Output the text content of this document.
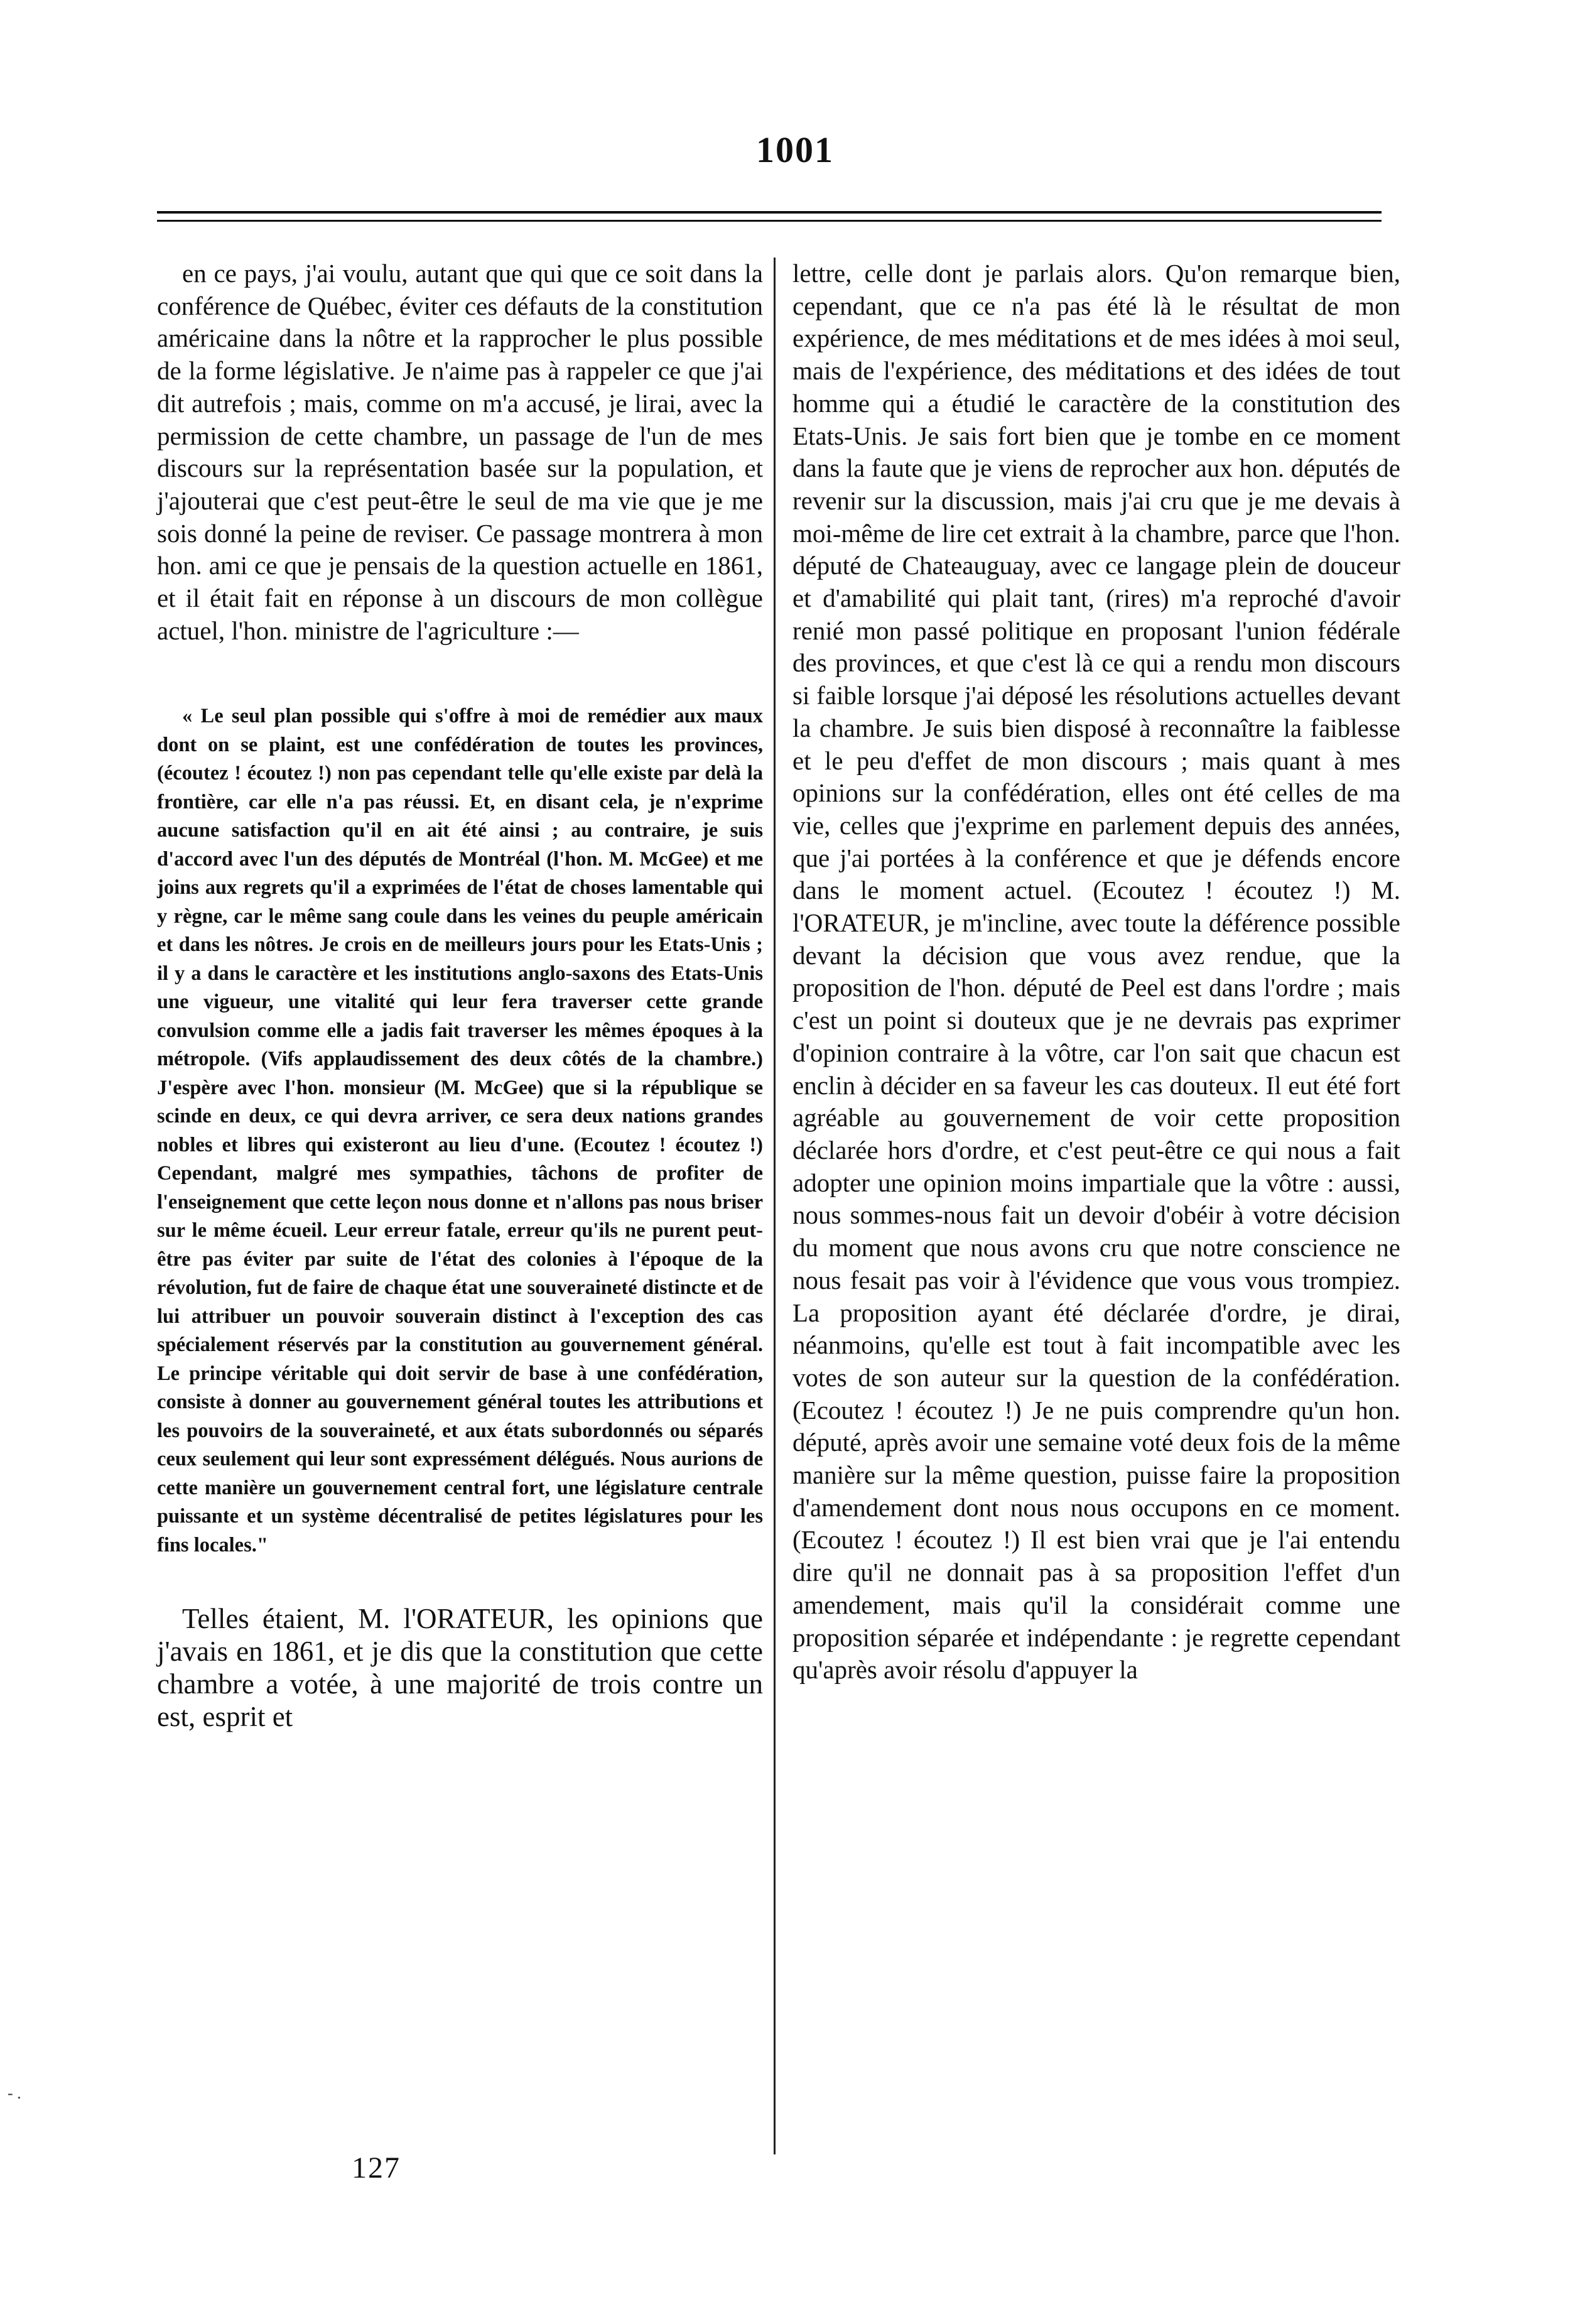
1001

en ce pays, j'ai voulu, autant que qui que ce soit dans la conférence de Québec, éviter ces défauts de la constitution américaine dans la nôtre et la rapprocher le plus possible de la forme législative. Je n'aime pas à rappeler ce que j'ai dit autrefois ; mais, comme on m'a accusé, je lirai, avec la permission de cette chambre, un passage de l'un de mes discours sur la représentation basée sur la population, et j'ajouterai que c'est peut-être le seul de ma vie que je me sois donné la peine de reviser. Ce passage montrera à mon hon. ami ce que je pensais de la question actuelle en 1861, et il était fait en réponse à un discours de mon collègue actuel, l'hon. ministre de l'agriculture :—

« Le seul plan possible qui s'offre à moi de remédier aux maux dont on se plaint, est une confédération de toutes les provinces, (écoutez ! écoutez !) non pas cependant telle qu'elle existe par delà la frontière, car elle n'a pas réussi. Et, en disant cela, je n'exprime aucune satisfaction qu'il en ait été ainsi ; au contraire, je suis d'accord avec l'un des députés de Montréal (l'hon. M. McGee) et me joins aux regrets qu'il a exprimées de l'état de choses lamentable qui y règne, car le même sang coule dans les veines du peuple américain et dans les nôtres. Je crois en de meilleurs jours pour les Etats-Unis ; il y a dans le caractère et les institutions anglo-saxons des Etats-Unis une vigueur, une vitalité qui leur fera traverser cette grande convulsion comme elle a jadis fait traverser les mêmes époques à la métropole. (Vifs applaudissement des deux côtés de la chambre.) J'espère avec l'hon. monsieur (M. McGee) que si la république se scinde en deux, ce qui devra arriver, ce sera deux nations grandes nobles et libres qui existeront au lieu d'une. (Ecoutez ! écoutez !) Cependant, malgré mes sympathies, tâchons de profiter de l'enseignement que cette leçon nous donne et n'allons pas nous briser sur le même écueil. Leur erreur fatale, erreur qu'ils ne purent peut-être pas éviter par suite de l'état des colonies à l'époque de la révolution, fut de faire de chaque état une souveraineté distincte et de lui attribuer un pouvoir souverain distinct à l'exception des cas spécialement réservés par la constitution au gouvernement général. Le principe véritable qui doit servir de base à une confédération, consiste à donner au gouvernement général toutes les attributions et les pouvoirs de la souveraineté, et aux états subordonnés ou séparés ceux seulement qui leur sont expressément délégués. Nous aurions de cette manière un gouvernement central fort, une législature centrale puissante et un système décentralisé de petites législatures pour les fins locales."

Telles étaient, M. l'ORATEUR, les opinions que j'avais en 1861, et je dis que la constitution que cette chambre a votée, à une majorité de trois contre un est, esprit et

lettre, celle dont je parlais alors. Qu'on remarque bien, cependant, que ce n'a pas été là le résultat de mon expérience, de mes méditations et de mes idées à moi seul, mais de l'expérience, des méditations et des idées de tout homme qui a étudié le caractère de la constitution des Etats-Unis. Je sais fort bien que je tombe en ce moment dans la faute que je viens de reprocher aux hon. députés de revenir sur la discussion, mais j'ai cru que je me devais à moi-même de lire cet extrait à la chambre, parce que l'hon. député de Chateauguay, avec ce langage plein de douceur et d'amabilité qui plait tant, (rires) m'a reproché d'avoir renié mon passé politique en proposant l'union fédérale des provinces, et que c'est là ce qui a rendu mon discours si faible lorsque j'ai déposé les résolutions actuelles devant la chambre. Je suis bien disposé à reconnaître la faiblesse et le peu d'effet de mon discours ; mais quant à mes opinions sur la confédération, elles ont été celles de ma vie, celles que j'exprime en parlement depuis des années, que j'ai portées à la conférence et que je défends encore dans le moment actuel. (Ecoutez ! écoutez !) M. l'ORATEUR, je m'incline, avec toute la déférence possible devant la décision que vous avez rendue, que la proposition de l'hon. député de Peel est dans l'ordre ; mais c'est un point si douteux que je ne devrais pas exprimer d'opinion contraire à la vôtre, car l'on sait que chacun est enclin à décider en sa faveur les cas douteux. Il eut été fort agréable au gouvernement de voir cette proposition déclarée hors d'ordre, et c'est peut-être ce qui nous a fait adopter une opinion moins impartiale que la vôtre : aussi, nous sommes-nous fait un devoir d'obéir à votre décision du moment que nous avons cru que notre conscience ne nous fesait pas voir à l'évidence que vous vous trompiez. La proposition ayant été déclarée d'ordre, je dirai, néanmoins, qu'elle est tout à fait incompatible avec les votes de son auteur sur la question de la confédération. (Ecoutez ! écoutez !) Je ne puis comprendre qu'un hon. député, après avoir une semaine voté deux fois de la même manière sur la même question, puisse faire la proposition d'amendement dont nous nous occupons en ce moment. (Ecoutez ! écoutez !) Il est bien vrai que je l'ai entendu dire qu'il ne donnait pas à sa proposition l'effet d'un amendement, mais qu'il la considérait comme une proposition séparée et indépendante : je regrette cependant qu'après avoir résolu d'appuyer la

127
- .
